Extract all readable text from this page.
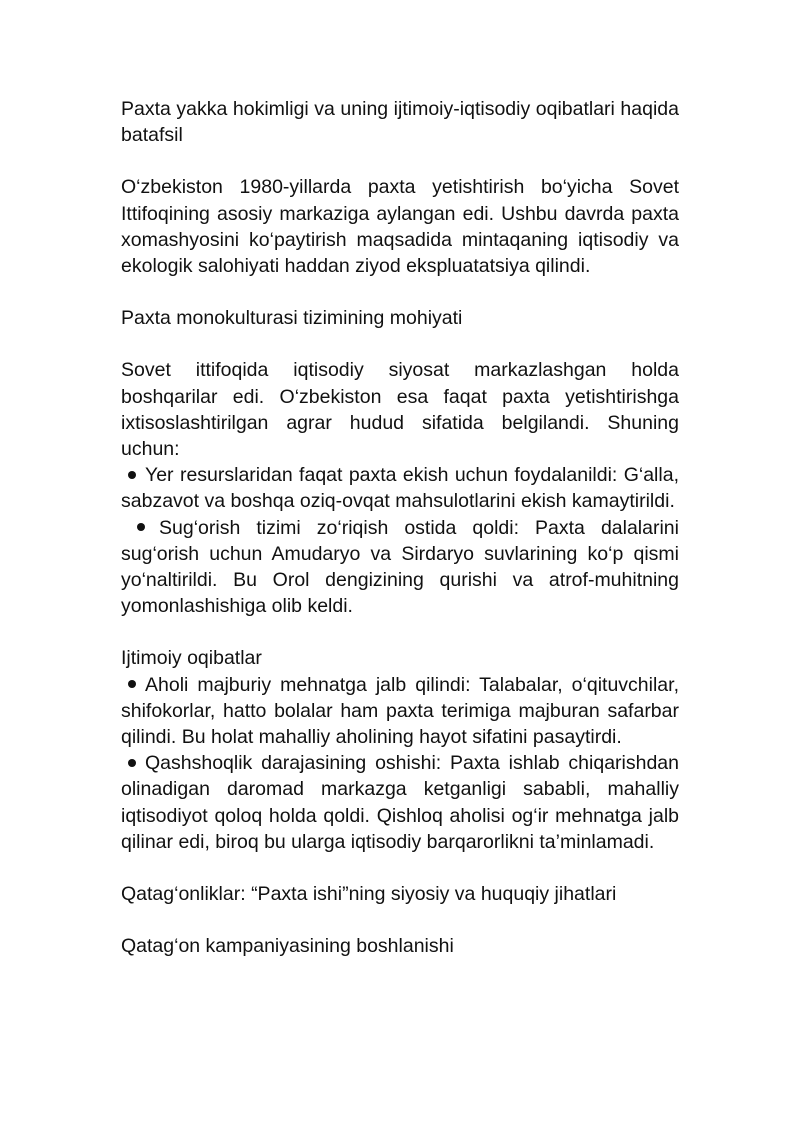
Paxta yakka hokimligi va uning ijtimoiy-iqtisodiy oqibatlari haqida batafsil

O‘zbekiston 1980-yillarda paxta yetishtirish bo‘yicha Sovet Ittifoqining asosiy markaziga aylangan edi. Ushbu davrda paxta xomashyosini ko‘paytirish maqsadida mintaqaning iqtisodiy va ekologik salohiyati haddan ziyod ekspluatatsiya qilindi.

Paxta monokulturasi tizimining mohiyati

Sovet ittifoqida iqtisodiy siyosat markazlashgan holda boshqarilar edi. O‘zbekiston esa faqat paxta yetishtirishga ixtisoslashtirilgan agrar hudud sifatida belgilandi. Shuning uchun:

Yer resurslaridan faqat paxta ekish uchun foydalanildi: G‘alla, sabzavot va boshqa oziq-ovqat mahsulotlarini ekish kamaytirildi.

Sug‘orish tizimi zo‘riqish ostida qoldi: Paxta dalalarini sug‘orish uchun Amudaryo va Sirdaryo suvlarining ko‘p qismi yo‘naltirildi. Bu Orol dengizining qurishi va atrof-muhitning yomonlashishiga olib keldi.

Ijtimoiy oqibatlar

Aholi majburiy mehnatga jalb qilindi: Talabalar, o‘qituvchilar, shifokorlar, hatto bolalar ham paxta terimiga majburan safarbar qilindi. Bu holat mahalliy aholining hayot sifatini pasaytirdi.

Qashshoqlik darajasining oshishi: Paxta ishlab chiqarishdan olinadigan daromad markazga ketganligi sababli, mahalliy iqtisodiyot qoloq holda qoldi. Qishloq aholisi og‘ir mehnatga jalb qilinar edi, biroq bu ularga iqtisodiy barqarorlikni ta’minlamadi.

Qatag‘onliklar: “Paxta ishi”ning siyosiy va huquqiy jihatlari

Qatag‘on kampaniyasining boshlanishi
